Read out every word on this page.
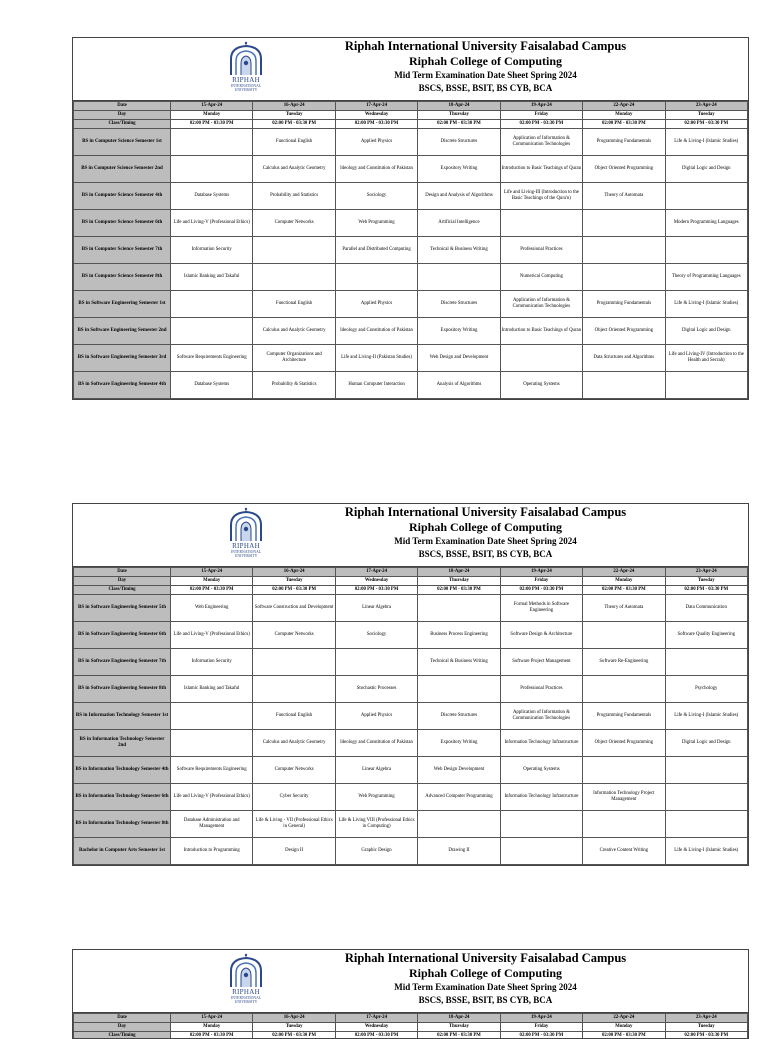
RIPHAH
INTERNATIONAL
UNIVERSITY
Riphah International University Faisalabad Campus
Riphah College of Computing
Mid Term Examination Date Sheet Spring 2024
BSCS, BSSE, BSIT, BS CYB, BCA
Date	15-Apr-24	16-Apr-24	17-Apr-24	18-Apr-24	19-Apr-24	22-Apr-24	23-Apr-24
Day	Monday	Tuesday	Wednesday	Thursday	Friday	Monday	Tuesday
Class/Timing	02:00 PM - 03:30 PM	02:00 PM - 03:30 PM	02:00 PM - 03:30 PM	02:00 PM - 03:30 PM	02:00 PM - 03:30 PM	02:00 PM - 03:30 PM	02:00 PM - 03:30 PM
BS in Computer Science Semester 1st		Functional English	Applied Physics	Discrete Structures	Application of Information & Communication Technologies	Programming Fundamentals	Life & Living-I (Islamic Studies)
BS in Computer Science Semester 2nd		Calculus and Analytic Geometry	Ideology and Constitution of Pakistan	Expository Writing	Introduction to Basic Teachings of Quran	Object Oriented Programming	Digital Logic and Design
BS in Computer Science Semester 4th	Database Systems	Probability and Statistics	Sociology	Design and Analysis of Algorithms	Life and Living-III (Introduction to the Basic Teachings of the Qura'n)	Theory of Automata	
BS in Computer Science Semester 6th	Life and Living-V (Professional Ethics)	Computer Networks	Web Programming	Artificial Intelligence			Modern Programming Languages
BS in Computer Science Semester 7th	Information Security		Parallel and Distributed Computing	Technical & Business Writing	Professional Practices		
BS in Computer Science Semester 8th	Islamic Banking and Takaful				Numerical Computing		Theory of Programming Languages
BS in Software Engineering Semester 1st		Functional English	Applied Physics	Discrete Structures	Application of Information & Communication Technologies	Programming Fundamentals	Life & Living-I (Islamic Studies)
BS in Software Engineering Semester 2nd		Calculus and Analytic Geometry	Ideology and Constitution of Pakistan	Expository Writing	Introduction to Basic Teachings of Quran	Object Oriented Programming	Digital Logic and Design
BS in Software Engineering Semester 3rd	Software Requirements Engineering	Computer Organizations and Architecture	Life and Living-II (Pakistan Studies)	Web Design and Development		Data Structures and Algorithms	Life and Living-IV (Introduction to the Health and Secrah)
BS in Software Engineering Semester 4th	Database Systems	Probability & Statistics	Human Computer Interaction	Analysis of Algorithms	Operating Systems		
RIPHAH
INTERNATIONAL
UNIVERSITY
Riphah International University Faisalabad Campus
Riphah College of Computing
Mid Term Examination Date Sheet Spring 2024
BSCS, BSSE, BSIT, BS CYB, BCA
Date	15-Apr-24	16-Apr-24	17-Apr-24	18-Apr-24	19-Apr-24	22-Apr-24	23-Apr-24
Day	Monday	Tuesday	Wednesday	Thursday	Friday	Monday	Tuesday
Class/Timing	02:00 PM - 03:30 PM	02:00 PM - 03:30 PM	02:00 PM - 03:30 PM	02:00 PM - 03:30 PM	02:00 PM - 03:30 PM	02:00 PM - 03:30 PM	02:00 PM - 03:30 PM
BS in Software Engineering Semester 5th	Web Engineering	Software Construction and Development	Linear Algebra		Formal Methods in Software Engineering	Theory of Automata	Data Communication
BS in Software Engineering Semester 6th	Life and Living-V (Professional Ethics)	Computer Networks	Sociology	Business Process Engineering	Software Design & Architecture		Software Quality Engineering
BS in Software Engineering Semester 7th	Information Security			Technical & Business Writing	Software Project Management	Software Re-Engineering	
BS in Software Engineering Semester 8th	Islamic Banking and Takaful		Stochastic Processes		Professional Practices		Psychology
BS in Information Technology Semester 1st		Functional English	Applied Physics	Discrete Structures	Application of Information & Communication Technologies	Programming Fundamentals	Life & Living-I (Islamic Studies)
BS in Information Technology Semester 2nd		Calculus and Analytic Geometry	Ideology and Constitution of Pakistan	Expository Writing	Information Technology Infrastructure	Object Oriented Programming	Digital Logic and Design
BS in Information Technology Semester 4th	Software Requirements Engineering	Computer Networks	Linear Algebra	Web Design Development	Operating Systems		
BS in Information Technology Semester 6th	Life and Living-V (Professional Ethics)	Cyber Security	Web Programming	Advanced Computer Programming	Information Technology Infrastructure	Information Technology Project Management	
BS in Information Technology Semester 8th	Database Administration and Management	Life & Living - VII (Professional Ethics in General)	Life & Living VIII (Professional Ethics in Computing)				
Bachelor in Computer Arts Semester 1st	Introduction to Programming	Design II	Graphic Design	Drawing II		Creative Content Writing	Life & Living-I (Islamic Studies)
RIPHAH
INTERNATIONAL
UNIVERSITY
Riphah International University Faisalabad Campus
Riphah College of Computing
Mid Term Examination Date Sheet Spring 2024
BSCS, BSSE, BSIT, BS CYB, BCA
Date	15-Apr-24	16-Apr-24	17-Apr-24	18-Apr-24	19-Apr-24	22-Apr-24	23-Apr-24
Day	Monday	Tuesday	Wednesday	Thursday	Friday	Monday	Tuesday
Class/Timing	02:00 PM - 03:30 PM	02:00 PM - 03:30 PM	02:00 PM - 03:30 PM	02:00 PM - 03:30 PM	02:00 PM - 03:30 PM	02:00 PM - 03:30 PM	02:00 PM - 03:30 PM
